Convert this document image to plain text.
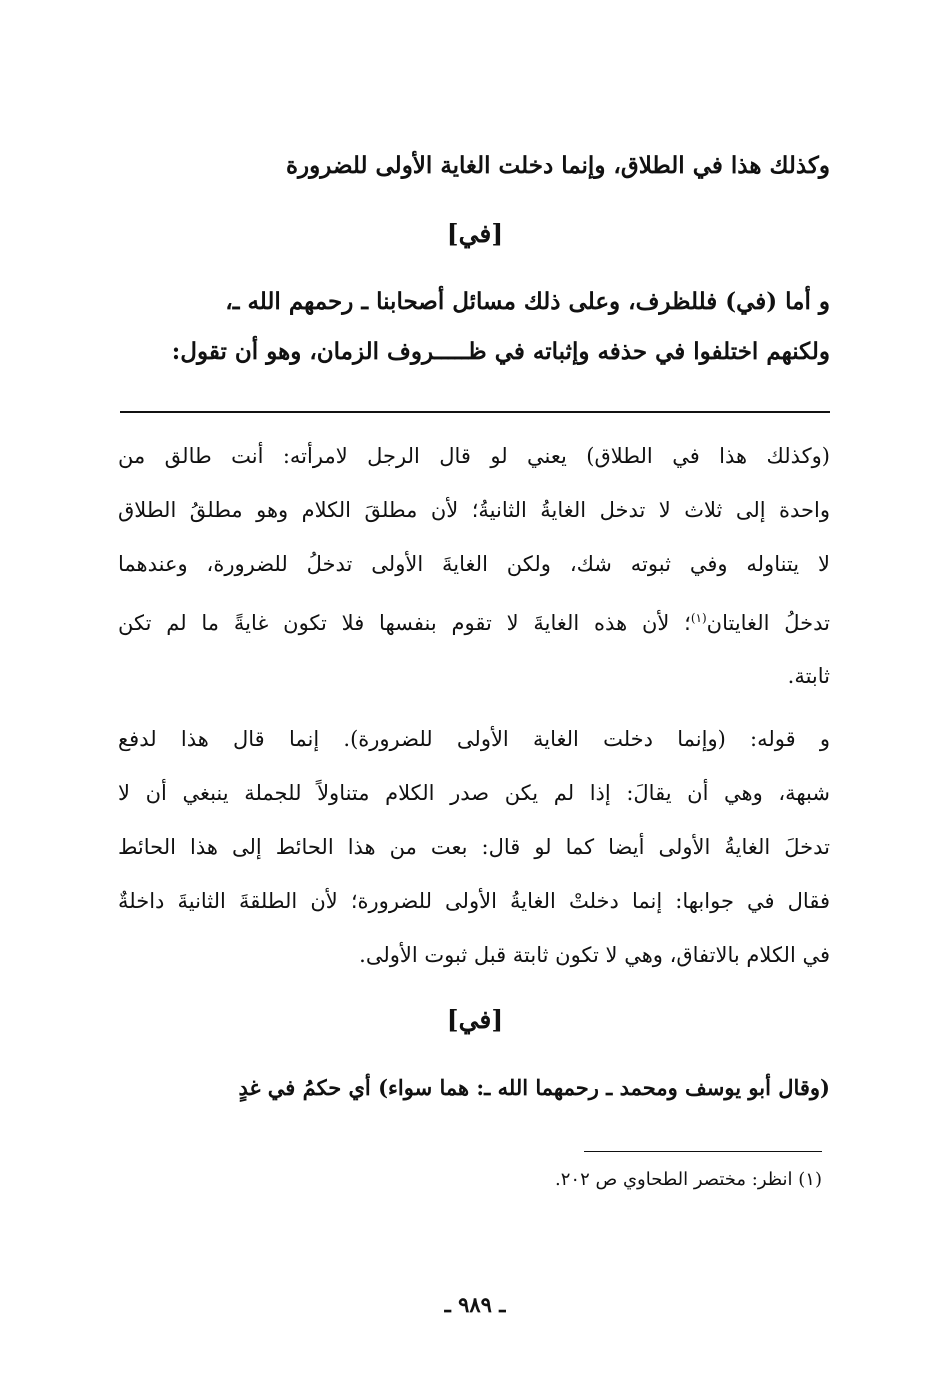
وكذلك هذا في الطلاق، وإنما دخلت الغاية الأولى للضرورة
[في]
و أما (في) فللظرف، وعلى ذلك مسائل أصحابنا ـ رحمهم الله ـ،
ولكنهم اختلفوا في حذفه وإثباته في ظـــــروف الزمان، وهو أن تقول:
(وكذلك هذا في الطلاق) يعني لو قال الرجل لامرأته: أنت طالق من
واحدة إلى ثلاث لا تدخل الغايةُ الثانيةُ؛ لأن مطلقَ الكلام وهو مطلقُ الطلاق
لا يتناوله وفي ثبوته شك، ولكن الغايةَ الأولى تدخلُ للضرورة، وعندهما
تدخلُ الغايتان$^{(١)}$؛ لأن هذه الغايةَ لا تقوم بنفسها فلا تكون غايةً ما لم تكن
ثابتة.
و قوله: (وإنما دخلت الغاية الأولى للضرورة). إنما قال هذا لدفع
شبهة، وهي أن يقالَ: إذا لم يكن صدر الكلام متناولاً للجملة ينبغي أن لا
تدخلَ الغايةُ الأولى أيضا كما لو قال: بعت من هذا الحائط إلى هذا الحائط
فقال في جوابها: إنما دخلتْ الغايةُ الأولى للضرورة؛ لأن الطلقةَ الثانيةَ داخلةٌ
في الكلام بالاتفاق، وهي لا تكون ثابتة قبل ثبوت الأولى.
[في]
(وقال أبو يوسف ومحمد ـ رحمهما الله ـ: هما سواء) أي حكمُ في غدٍ
(١) انظر: مختصر الطحاوي ص ٢٠٢.
ـ ٩٨٩ ـ
